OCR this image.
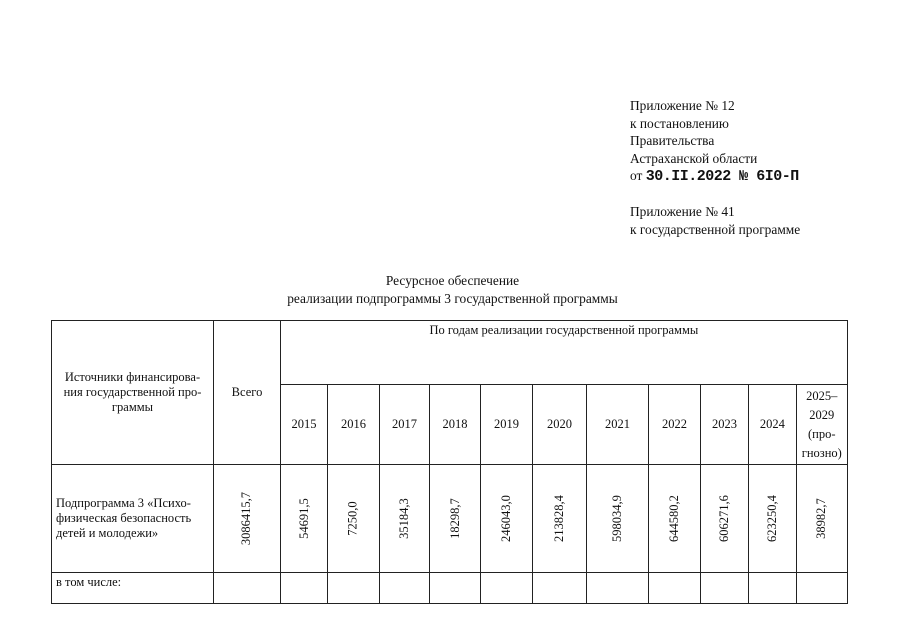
Приложение № 12
к постановлению
Правительства
Астраханской области
от 30.II.2022 № 6I0-П
Приложение № 41
к государственной программе
Ресурсное обеспечение
реализации подпрограммы 3 государственной программы
Источники финансирова-ния государственной про-граммы	Всего	По годам реализации государственной программы										
		2015	2016	2017	2018	2019	2020	2021	2022	2023	2024	2025–
2029
(про-
гнозно)

Подпрограмма 3 «Психо-физическая безопасность детей и молодежи»	3086415,7	54691,5	7250,0	35184,3	18298,7	246043,0	213828,4	598034,9	644580,2	606271,6	623250,4	38982,7
в том числе:												
